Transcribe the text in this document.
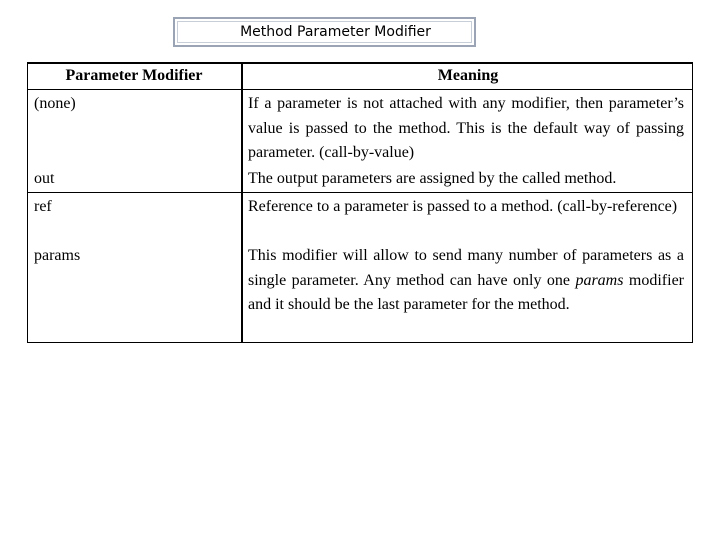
Method Parameter Modifier
Parameter Modifier	Meaning
(none)	If a parameter is not attached with any modifier, then parameter’s value is passed to the method. This is the default way of passing parameter. (call-by-value)
out	The output parameters are assigned by the called method.
ref	Reference to a parameter is passed to a method. (call-by-reference)
params	This modifier will allow to send many number of parameters as a single parameter. Any method can have only one params modifier and it should be the last parameter for the method.
